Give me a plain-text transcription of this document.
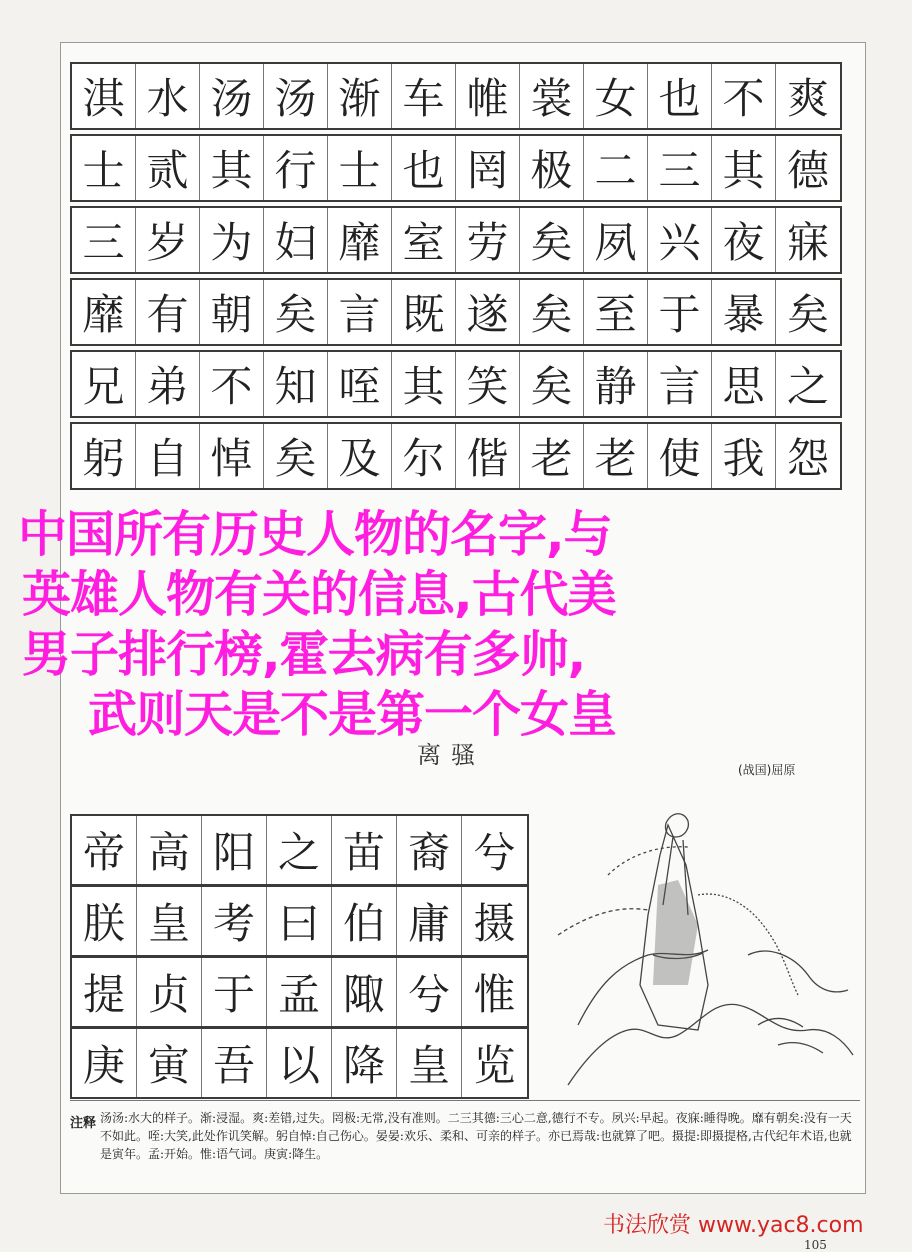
淇 水 汤 汤 渐 车 帷 裳 女 也 不 爽
士 贰 其 行 士 也 罔 极 二 三 其 德
三 岁 为 妇 靡 室 劳 矣 夙 兴 夜 寐
靡 有 朝 矣 言 既 遂 矣 至 于 暴 矣
兄 弟 不 知 咥 其 笑 矣 静 言 思 之
躬 自 悼 矣 及 尔 偕 老 老 使 我 怨
离骚
(战国)屈原
帝 高 阳 之 苗 裔 兮
朕 皇 考 曰 伯 庸 摄
提 贞 于 孟 陬 兮 惟
庚 寅 吾 以 降 皇 览
注释 汤汤:水大的样子。渐:浸湿。爽:差错,过失。罔极:无常,没有准则。二三其德:三心二意,德行不专。夙兴:早起。夜寐:睡得晚。靡有朝矣:没有一天不如此。咥:大笑,此处作讥笑解。躬自悼:自己伤心。晏晏:欢乐、柔和、可亲的样子。亦已焉哉:也就算了吧。摄提:即摄提格,古代纪年术语,也就是寅年。孟:开始。惟:语气词。庚寅:降生。
中国所有历史人物的名字,与
英雄人物有关的信息,古代美
男子排行榜,霍去病有多帅,
武则天是不是第一个女皇
书法欣赏 www.yac8.com
105
